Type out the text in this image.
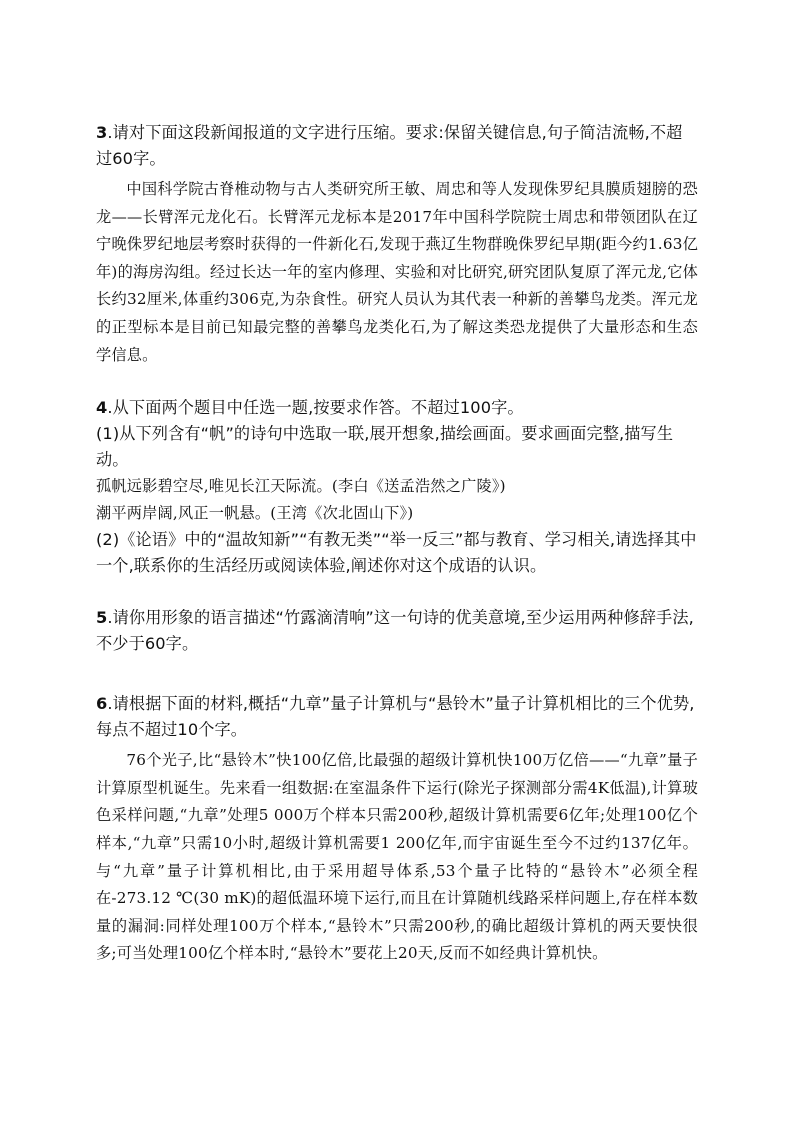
3.请对下面这段新闻报道的文字进行压缩。要求:保留关键信息,句子简洁流畅,不超过60字。

中国科学院古脊椎动物与古人类研究所王敏、周忠和等人发现侏罗纪具膜质翅膀的恐龙——长臂浑元龙化石。长臂浑元龙标本是2017年中国科学院院士周忠和带领团队在辽宁晚侏罗纪地层考察时获得的一件新化石,发现于燕辽生物群晚侏罗纪早期(距今约1.63亿年)的海房沟组。经过长达一年的室内修理、实验和对比研究,研究团队复原了浑元龙,它体长约32厘米,体重约306克,为杂食性。研究人员认为其代表一种新的善攀鸟龙类。浑元龙的正型标本是目前已知最完整的善攀鸟龙类化石,为了解这类恐龙提供了大量形态和生态学信息。

4.从下面两个题目中任选一题,按要求作答。不超过100字。

(1)从下列含有“帆”的诗句中选取一联,展开想象,描绘画面。要求画面完整,描写生动。

孤帆远影碧空尽,唯见长江天际流。(李白《送孟浩然之广陵》)

潮平两岸阔,风正一帆悬。(王湾《次北固山下》)

(2)《论语》中的“温故知新”“有教无类”“举一反三”都与教育、学习相关,请选择其中一个,联系你的生活经历或阅读体验,阐述你对这个成语的认识。

5.请你用形象的语言描述“竹露滴清响”这一句诗的优美意境,至少运用两种修辞手法,不少于60字。

6.请根据下面的材料,概括“九章”量子计算机与“悬铃木”量子计算机相比的三个优势,每点不超过10个字。

76个光子,比“悬铃木”快100亿倍,比最强的超级计算机快100万亿倍——“九章”量子计算原型机诞生。先来看一组数据:在室温条件下运行(除光子探测部分需4K低温),计算玻色采样问题,“九章”处理5 000万个样本只需200秒,超级计算机需要6亿年;处理100亿个样本,“九章”只需10小时,超级计算机需要1 200亿年,而宇宙诞生至今不过约137亿年。与“九章”量子计算机相比,由于采用超导体系,53个量子比特的“悬铃木”必须全程在-273.12 ℃(30 mK)的超低温环境下运行,而且在计算随机线路采样问题上,存在样本数量的漏洞:同样处理100万个样本,“悬铃木”只需200秒,的确比超级计算机的两天要快很多;可当处理100亿个样本时,“悬铃木”要花上20天,反而不如经典计算机快。
